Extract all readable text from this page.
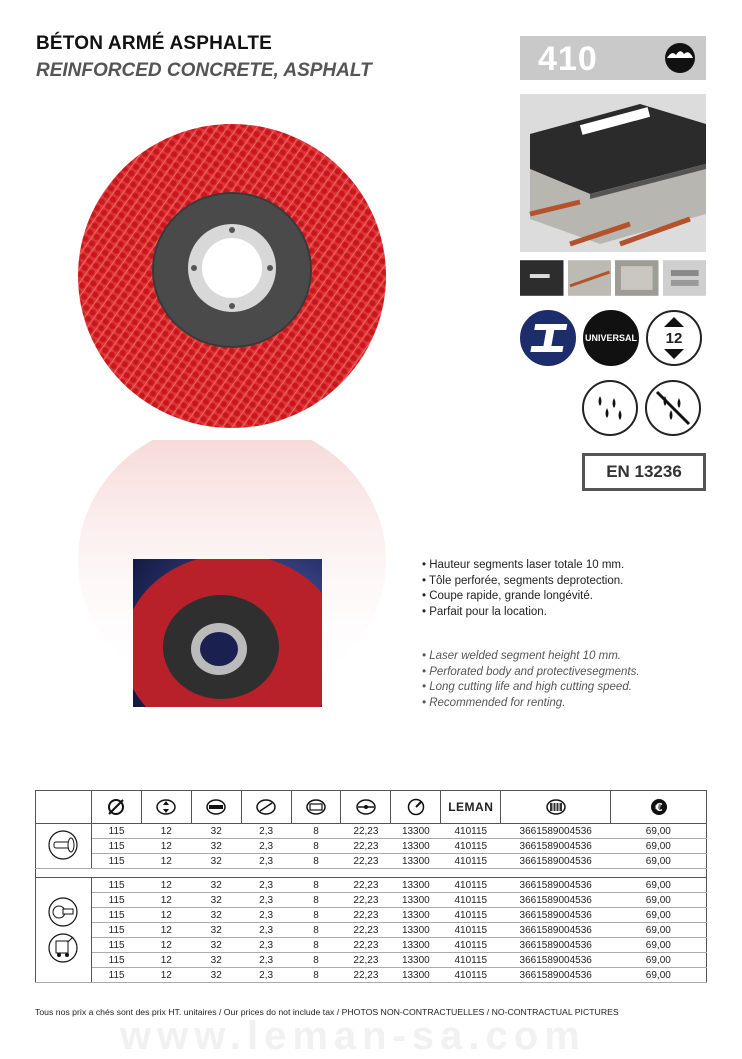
BÉTON ARMÉ ASPHALTE
REINFORCED CONCRETE, ASPHALT	410
UNIVERSAL 12
EN 13236
• Hauteur segments laser totale 10 mm.
• Tôle perforée, segments deprotection.
• Coupe rapide, grande longévité.
• Parfait pour la location.
• Laser welded segment height 10 mm.
• Perforated body and protectivesegments.
• Long cutting life and high cutting speed.
• Recommended for renting.
								LEMAN		€

	115	12	32	2,3	8	22,23	13300	410115	3661589004536	69,00
	115	12	32	2,3	8	22,23	13300	410115	3661589004536	69,00
	115	12	32	2,3	8	22,23	13300	410115	3661589004536	69,00

	115	12	32	2,3	8	22,23	13300	410115	3661589004536	69,00
	115	12	32	2,3	8	22,23	13300	410115	3661589004536	69,00
	115	12	32	2,3	8	22,23	13300	410115	3661589004536	69,00
	115	12	32	2,3	8	22,23	13300	410115	3661589004536	69,00
	115	12	32	2,3	8	22,23	13300	410115	3661589004536	69,00
	115	12	32	2,3	8	22,23	13300	410115	3661589004536	69,00
	115	12	32	2,3	8	22,23	13300	410115	3661589004536	69,00
Tous nos prix a chés sont des prix HT. unitaires / Our prices do not include tax / PHOTOS NON-CONTRACTUELLES / NO-CONTRACTUAL PICTURES
www.leman-sa.com
